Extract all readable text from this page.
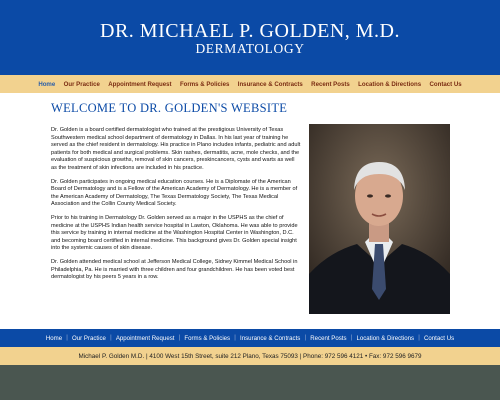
DR. MICHAEL P. GOLDEN, M.D.
DERMATOLOGY
Home	Our Practice	Appointment Request	Forms & Policies	Insurance & Contracts	Recent Posts	Location & Directions	Contact Us
WELCOME TO DR. GOLDEN'S WEBSITE

Dr. Golden is a board certified dermatologist who trained at the prestigious University of Texas Southwestern medical school department of dermatology in Dallas. In his last year of training he served as the chief resident in dermatology. His practice in Plano includes infants, pediatric and adult patients for both medical and surgical problems. Skin rashes, dermatitis, acne, mole checks, and the evaluation of suspicious growths, removal of skin cancers, preskincancers, cysts and warts as well as the treatment of skin infections are included in his practice.

Dr. Golden participates in ongoing medical education courses. He is a Diplomate of the American Board of Dermatology and is a Fellow of the American Academy of Dermatology. He is a member of the American Academy of Dermatology, The Texas Dermatology Society, The Texas Medical Association and the Collin County Medical Society.

Prior to his training in Dermatology Dr. Golden served as a major in the USPHS as the chief of medicine at the USPHS Indian health service hospital in Lawton, Oklahoma. He was able to provide this service by training in internal medicine at the Washington Hospital Center in Washington, D.C. and becoming board certified in internal medicine. This background gives Dr. Golden special insight into the systemic causes of skin disease.

Dr. Golden attended medical school at Jefferson Medical College, Sidney Kimmel Medical School in Philadelphia, Pa. He is married with three children and four grandchildren. He has been voted best dermatologist by his peers 5 years in a row.

Home | Our Practice | Appointment Request | Forms & Policies | Insurance & Contracts | Recent Posts | Location & Directions | Contact Us
Michael P. Golden M.D. | 4100 West 15th Street, suite 212 Plano, Texas 75093 | Phone: 972 596 4121 • Fax: 972 596 9679
